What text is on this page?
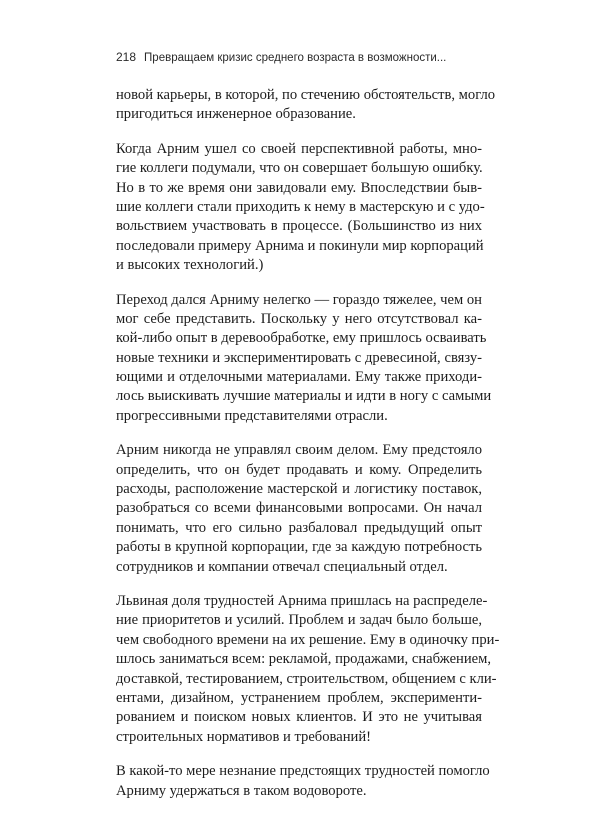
218 Превращаем кризис среднего возраста в возможности...

новой карьеры, в которой, по стечению обстоятельств, могло
пригодиться инженерное образование.

Когда Арним ушел со своей перспективной работы, мно-
гие коллеги подумали, что он совершает большую ошибку.
Но в то же время они завидовали ему. Впоследствии быв-
шие коллеги стали приходить к нему в мастерскую и с удо-
вольствием участвовать в процессе. (Большинство из них
последовали примеру Арнима и покинули мир корпораций
и высоких технологий.)

Переход дался Арниму нелегко — гораздо тяжелее, чем он
мог себе представить. Поскольку у него отсутствовал ка-
кой-либо опыт в деревообработке, ему пришлось осваивать
новые техники и экспериментировать с древесиной, связу-
ющими и отделочными материалами. Ему также приходи-
лось выискивать лучшие материалы и идти в ногу с самыми
прогрессивными представителями отрасли.

Арним никогда не управлял своим делом. Ему предстояло
определить, что он будет продавать и кому. Определить
расходы, расположение мастерской и логистику поставок,
разобраться со всеми финансовыми вопросами. Он начал
понимать, что его сильно разбаловал предыдущий опыт
работы в крупной корпорации, где за каждую потребность
сотрудников и компании отвечал специальный отдел.

Львиная доля трудностей Арнима пришлась на распределе-
ние приоритетов и усилий. Проблем и задач было больше,
чем свободного времени на их решение. Ему в одиночку при-
шлось заниматься всем: рекламой, продажами, снабжением,
доставкой, тестированием, строительством, общением с кли-
ентами, дизайном, устранением проблем, эксперименти-
рованием и поиском новых клиентов. И это не учитывая
строительных нормативов и требований!

В какой-то мере незнание предстоящих трудностей помогло
Арниму удержаться в таком водовороте.
